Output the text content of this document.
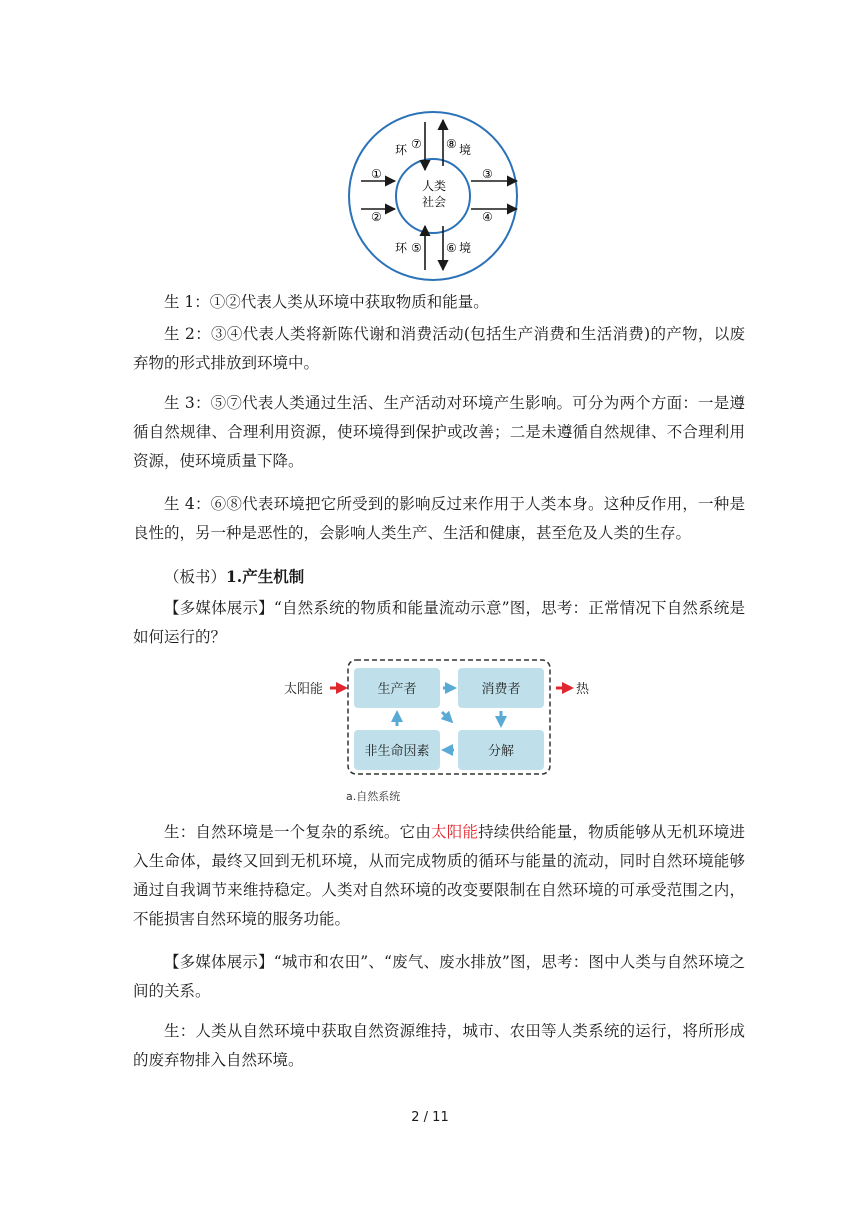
人类
社会
环	境
环	境
①
②
③
④
⑤ ⑥
⑦ ⑧

生 1：①②代表人类从环境中获取物质和能量。

生 2：③④代表人类将新陈代谢和消费活动(包括生产消费和生活消费)的产物，以废弃物的形式排放到环境中。

生 3：⑤⑦代表人类通过生活、生产活动对环境产生影响。可分为两个方面：一是遵循自然规律、合理利用资源，使环境得到保护或改善；二是未遵循自然规律、不合理利用资源，使环境质量下降。

生 4：⑥⑧代表环境把它所受到的影响反过来作用于人类本身。这种反作用，一种是良性的，另一种是恶性的，会影响人类生产、生活和健康，甚至危及人类的生存。

（板书）1.产生机制

【多媒体展示】“自然系统的物质和能量流动示意”图，思考：正常情况下自然系统是如何运行的？

生产者	消费者
非生命因素	分解
太阳能	热
a.自然系统

生：自然环境是一个复杂的系统。它由太阳能持续供给能量，物质能够从无机环境进入生命体，最终又回到无机环境，从而完成物质的循环与能量的流动，同时自然环境能够通过自我调节来维持稳定。人类对自然环境的改变要限制在自然环境的可承受范围之内，不能损害自然环境的服务功能。

【多媒体展示】“城市和农田”、“废气、废水排放”图，思考：图中人类与自然环境之间的关系。

生：人类从自然环境中获取自然资源维持，城市、农田等人类系统的运行，将所形成的废弃物排入自然环境。

2 / 11
